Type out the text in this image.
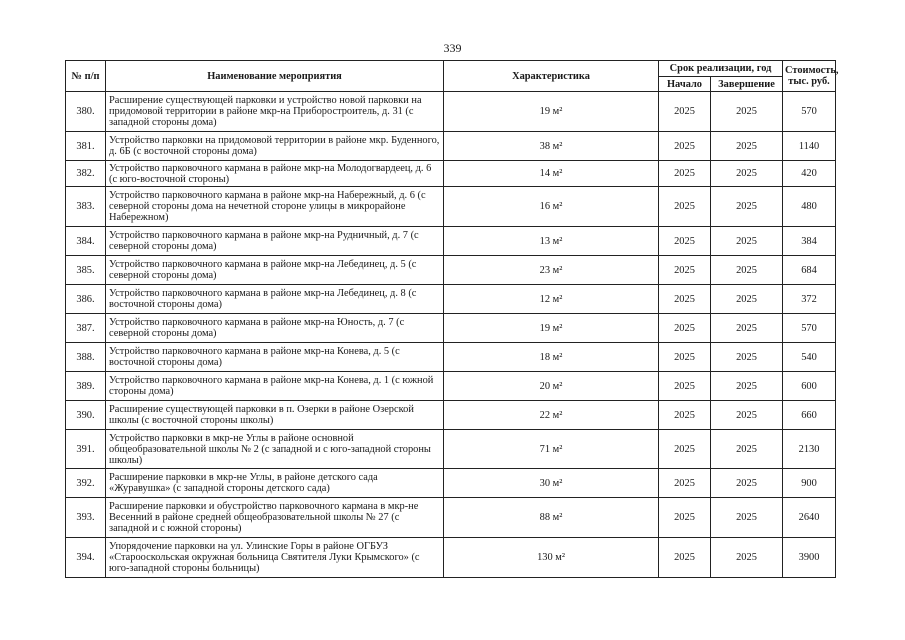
339
№ п/п	Наименование мероприятия	Характеристика	Срок реализации, год		Стоимость, тыс. руб.
			Начало	Завершение	
380.	Расширение существующей парковки и устройство новой парковки на придомовой территории в районе мкр-на Приборостроитель, д. 31 (с западной стороны дома)	19 м²	2025	2025	570
381.	Устройство парковки на придомовой территории в районе мкр. Буденного, д. 6Б (с восточной стороны дома)	38 м²	2025	2025	1140
382.	Устройство парковочного кармана в районе мкр-на Молодогвардеец, д. 6 (с юго-восточной стороны)	14 м²	2025	2025	420
383.	Устройство парковочного кармана в районе мкр-на Набережный, д. 6 (с северной стороны дома на нечетной стороне улицы в микрорайоне Набережном)	16 м²	2025	2025	480
384.	Устройство парковочного кармана в районе мкр-на Рудничный, д. 7 (с северной стороны дома)	13 м²	2025	2025	384
385.	Устройство парковочного кармана в районе мкр-на Лебединец, д. 5 (с северной стороны дома)	23 м²	2025	2025	684
386.	Устройство парковочного кармана в районе мкр-на Лебединец, д. 8 (с восточной стороны дома)	12 м²	2025	2025	372
387.	Устройство парковочного кармана в районе мкр-на Юность, д. 7 (с северной стороны дома)	19 м²	2025	2025	570
388.	Устройство парковочного кармана в районе мкр-на Конева, д. 5 (с восточной стороны дома)	18 м²	2025	2025	540
389.	Устройство парковочного кармана в районе мкр-на Конева, д. 1 (с южной стороны дома)	20 м²	2025	2025	600
390.	Расширение существующей парковки в п. Озерки в районе Озерской школы (с восточной стороны школы)	22 м²	2025	2025	660
391.	Устройство парковки в мкр-не Углы в районе основной общеобразовательной школы № 2 (с западной и с юго-западной стороны школы)	71 м²	2025	2025	2130
392.	Расширение парковки в мкр-не Углы, в районе детского сада «Журавушка» (с западной стороны детского сада)	30 м²	2025	2025	900
393.	Расширение парковки и обустройство парковочного кармана в мкр-не Весенний в районе средней общеобразовательной школы № 27 (с западной и с южной стороны)	88 м²	2025	2025	2640
394.	Упорядочение парковки на ул. Улинские Горы в районе ОГБУЗ «Старооскольская окружная больница Святителя Луки Крымского» (с юго-западной стороны больницы)	130 м²	2025	2025	3900
